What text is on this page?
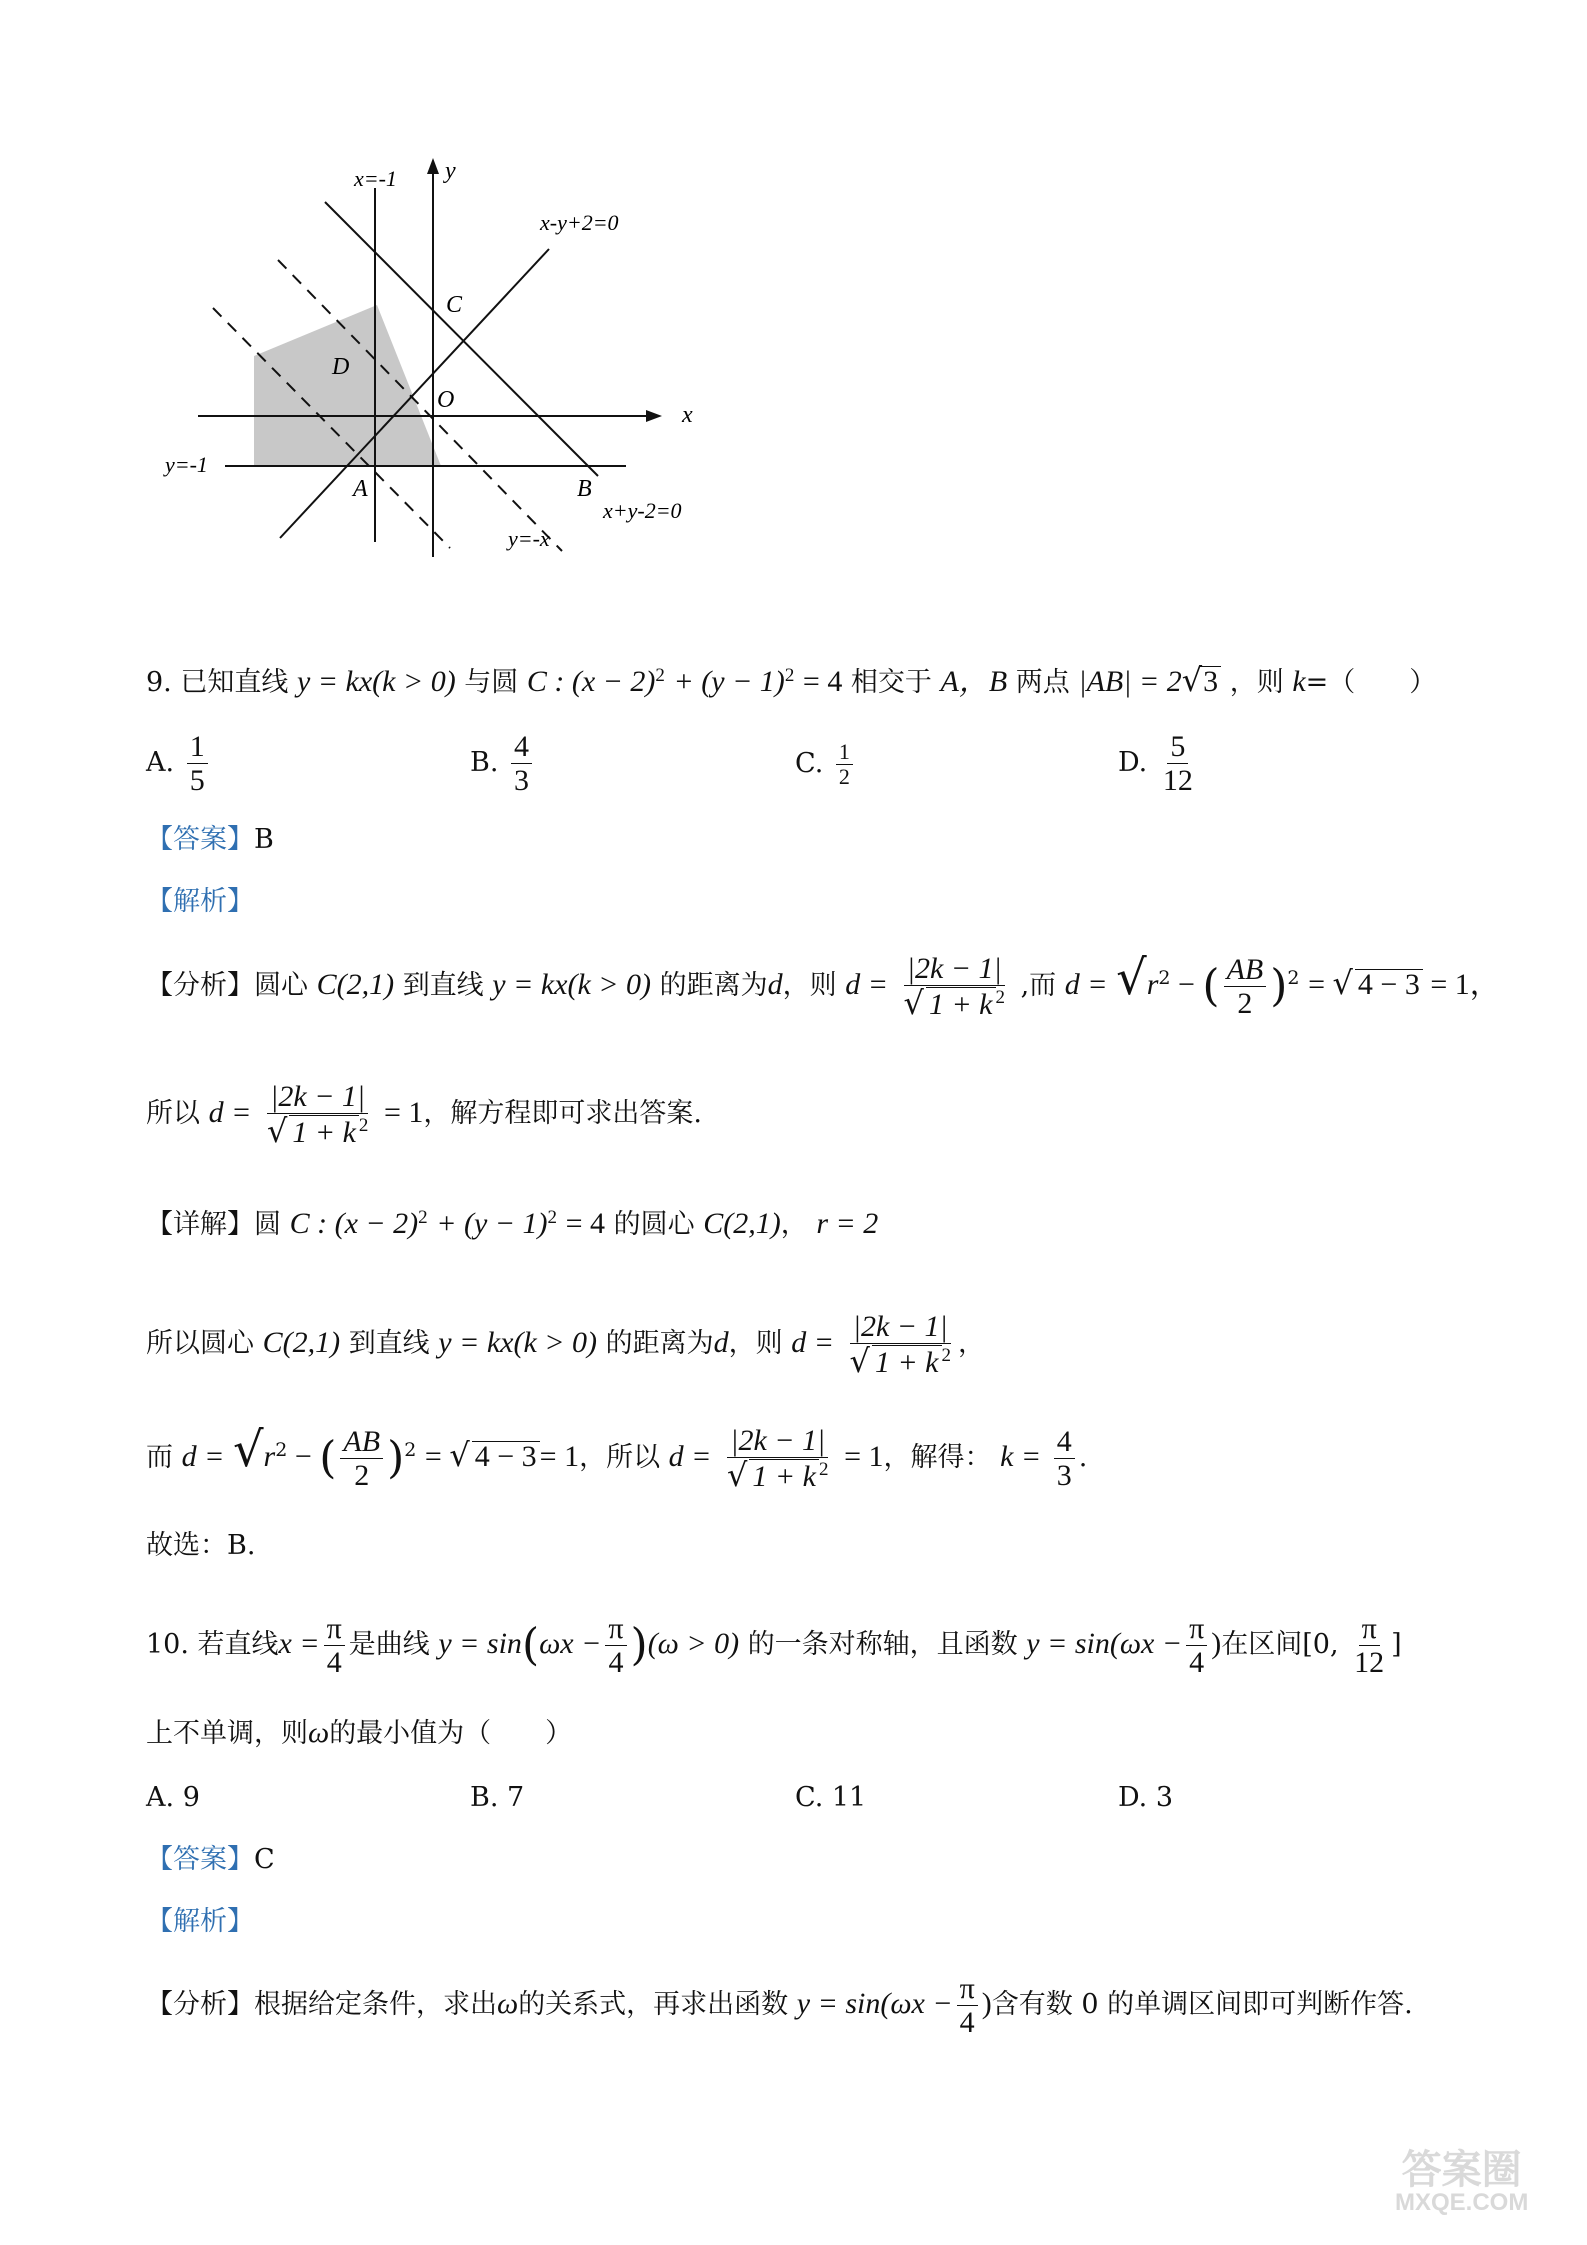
x=-1 y
x
x-y+2=0
x+y-2=0
y=-1
y=-x
C
D
O
A	B
9. 已知直线 y = kx(k > 0) 与圆 C : $(x - 2)^2 + (y - 1)^2 = 4$ 相交于 A，B 两点 |AB| = 2√3 ，则 k=（　　）
A. $\frac{1}{5}$	B. $\frac{4}{3}$	C. $\frac{1}{2}$	D. $\frac{5}{12}$
【答案】B
【解析】
【分析】圆心 C(2,1) 到直线 y = kx(k > 0) 的距离为d，则 $d = \frac{|2k - 1|}{√ 1 + k ^2}$ ,而 $d = √r^2$ − ( $\frac{AB}{2} )^2$ = √ 4 − 3 = 1，
所以 $d = \frac{|2k - 1|}{√ 1 + k ^2} = 1$，解方程即可求出答案.
【详解】圆 C : $(x - 2)^2 + (y - 1)^2 = 4$ 的圆心 C(2,1)， r = 2
所以圆心 C(2,1) 到直线 y = kx(k > 0) 的距离为d，则 $d = \frac{|2k - 1|}{√ 1 + k ^2}$ ，
而 $d = √r^2$ − ( $\frac{AB}{2} )^2$ = √ 4 − 3 = 1，所以 $d = \frac{|2k - 1|}{√ 1 + k ^2} = 1$，解得： $k = \frac{4}{3}$ .
故选：B.
10. 若直线$x = \frac{\pi}{4}$ 是曲线 $y = \sin(\omega x - \frac{\pi}{4} )(\omega > 0)$ 的一条对称轴，且函数 $y = \sin(\omega x - \frac{\pi}{4}$ )在区间[0, $\frac{\pi}{12}$ ]
上不单调，则ω的最小值为（　　）
A. 9	B. 7	C. 11	D. 3
【答案】C
【解析】
【分析】根据给定条件，求出ω的关系式，再求出函数 $y = \sin(\omega x - \frac{\pi}{4}$ )含有数 0 的单调区间即可判断作答.
答案圈
MXQE.COM
